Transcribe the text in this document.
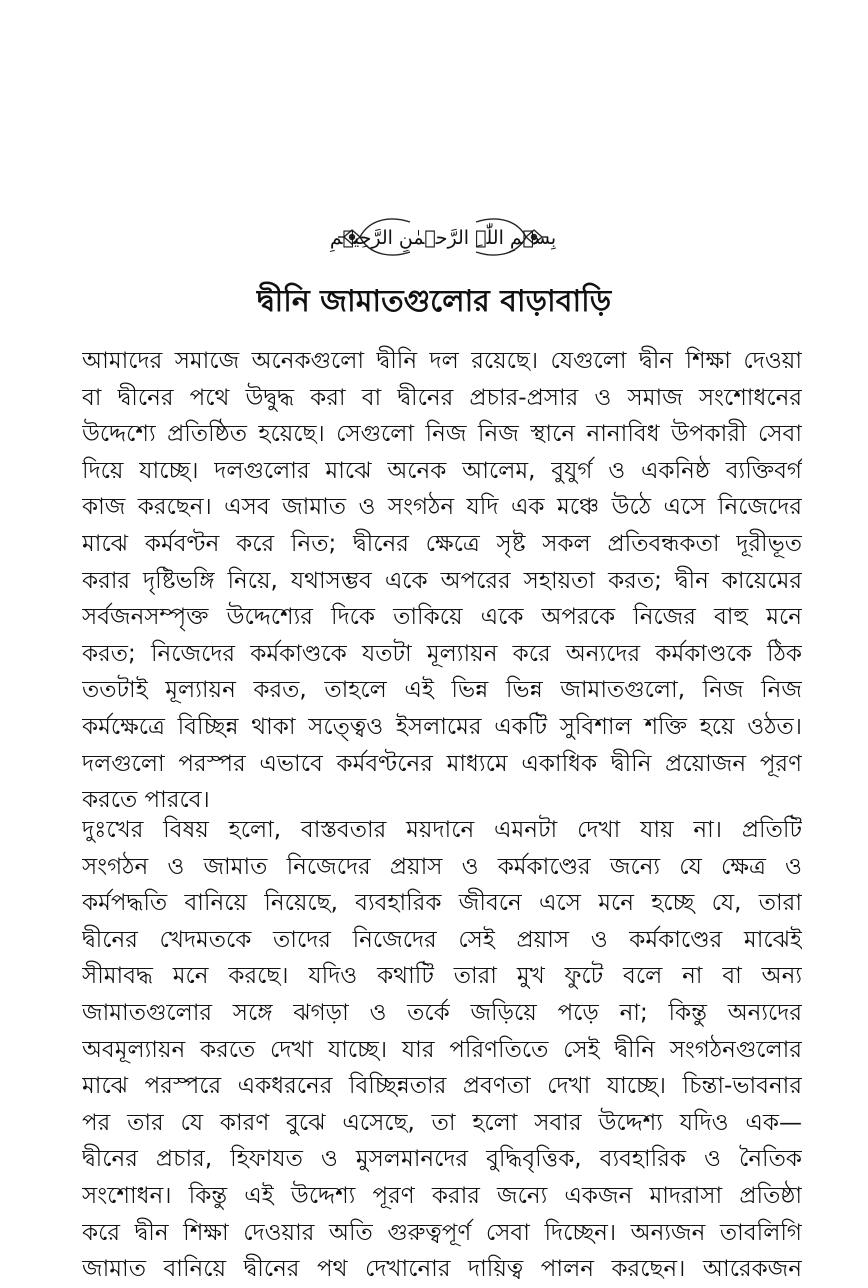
بِسۡمِ اللّٰہِ الرَّحۡمٰنِ الرَّحِیۡمِ
দ্বীনি জামাতগুলোর বাড়াবাড়ি
আমাদের সমাজে অনেকগুলো দ্বীনি দল রয়েছে। যেগুলো দ্বীন শিক্ষা দেওয়া
বা দ্বীনের পথে উদ্বুদ্ধ করা বা দ্বীনের প্রচার-প্রসার ও সমাজ সংশোধনের
উদ্দেশ্যে প্রতিষ্ঠিত হয়েছে। সেগুলো নিজ নিজ স্থানে নানাবিধ উপকারী সেবা
দিয়ে যাচ্ছে। দলগুলোর মাঝে অনেক আলেম, বুযুর্গ ও একনিষ্ঠ ব্যক্তিবর্গ
কাজ করছেন। এসব জামাত ও সংগঠন যদি এক মঞ্চে উঠে এসে নিজেদের
মাঝে কর্মবণ্টন করে নিত; দ্বীনের ক্ষেত্রে সৃষ্ট সকল প্রতিবন্ধকতা দূরীভূত
করার দৃষ্টিভঙ্গি নিয়ে, যথাসম্ভব একে অপরের সহায়তা করত; দ্বীন কায়েমের
সর্বজনসম্পৃক্ত উদ্দেশ্যের দিকে তাকিয়ে একে অপরকে নিজের বাহু মনে
করত; নিজেদের কর্মকাণ্ডকে যতটা মূল্যায়ন করে অন্যদের কর্মকাণ্ডকে ঠিক
ততটাই মূল্যায়ন করত, তাহলে এই ভিন্ন ভিন্ন জামাতগুলো, নিজ নিজ
কর্মক্ষেত্রে বিচ্ছিন্ন থাকা সত্ত্বেও ইসলামের একটি সুবিশাল শক্তি হয়ে ওঠত।
দলগুলো পরস্পর এভাবে কর্মবণ্টনের মাধ্যমে একাধিক দ্বীনি প্রয়োজন পূরণ
করতে পারবে।
দুঃখের বিষয় হলো, বাস্তবতার ময়দানে এমনটা দেখা যায় না। প্রতিটি
সংগঠন ও জামাত নিজেদের প্রয়াস ও কর্মকাণ্ডের জন্যে যে ক্ষেত্র ও
কর্মপদ্ধতি বানিয়ে নিয়েছে, ব্যবহারিক জীবনে এসে মনে হচ্ছে যে, তারা
দ্বীনের খেদমতকে তাদের নিজেদের সেই প্রয়াস ও কর্মকাণ্ডের মাঝেই
সীমাবদ্ধ মনে করছে। যদিও কথাটি তারা মুখ ফুটে বলে না বা অন্য
জামাতগুলোর সঙ্গে ঝগড়া ও তর্কে জড়িয়ে পড়ে না; কিন্তু অন্যদের
অবমূল্যায়ন করতে দেখা যাচ্ছে। যার পরিণতিতে সেই দ্বীনি সংগঠনগুলোর
মাঝে পরস্পরে একধরনের বিচ্ছিন্নতার প্রবণতা দেখা যাচ্ছে। চিন্তা-ভাবনার
পর তার যে কারণ বুঝে এসেছে, তা হলো সবার উদ্দেশ্য যদিও এক—
দ্বীনের প্রচার, হিফাযত ও মুসলমানদের বুদ্ধিবৃত্তিক, ব্যবহারিক ও নৈতিক
সংশোধন। কিন্তু এই উদ্দেশ্য পূরণ করার জন্যে একজন মাদরাসা প্রতিষ্ঠা
করে দ্বীন শিক্ষা দেওয়ার অতি গুরুত্বপূর্ণ সেবা দিচ্ছেন। অন্যজন তাবলিগি
জামাত বানিয়ে দ্বীনের পথ দেখানোর দায়িত্ব পালন করছেন। আরেকজন
